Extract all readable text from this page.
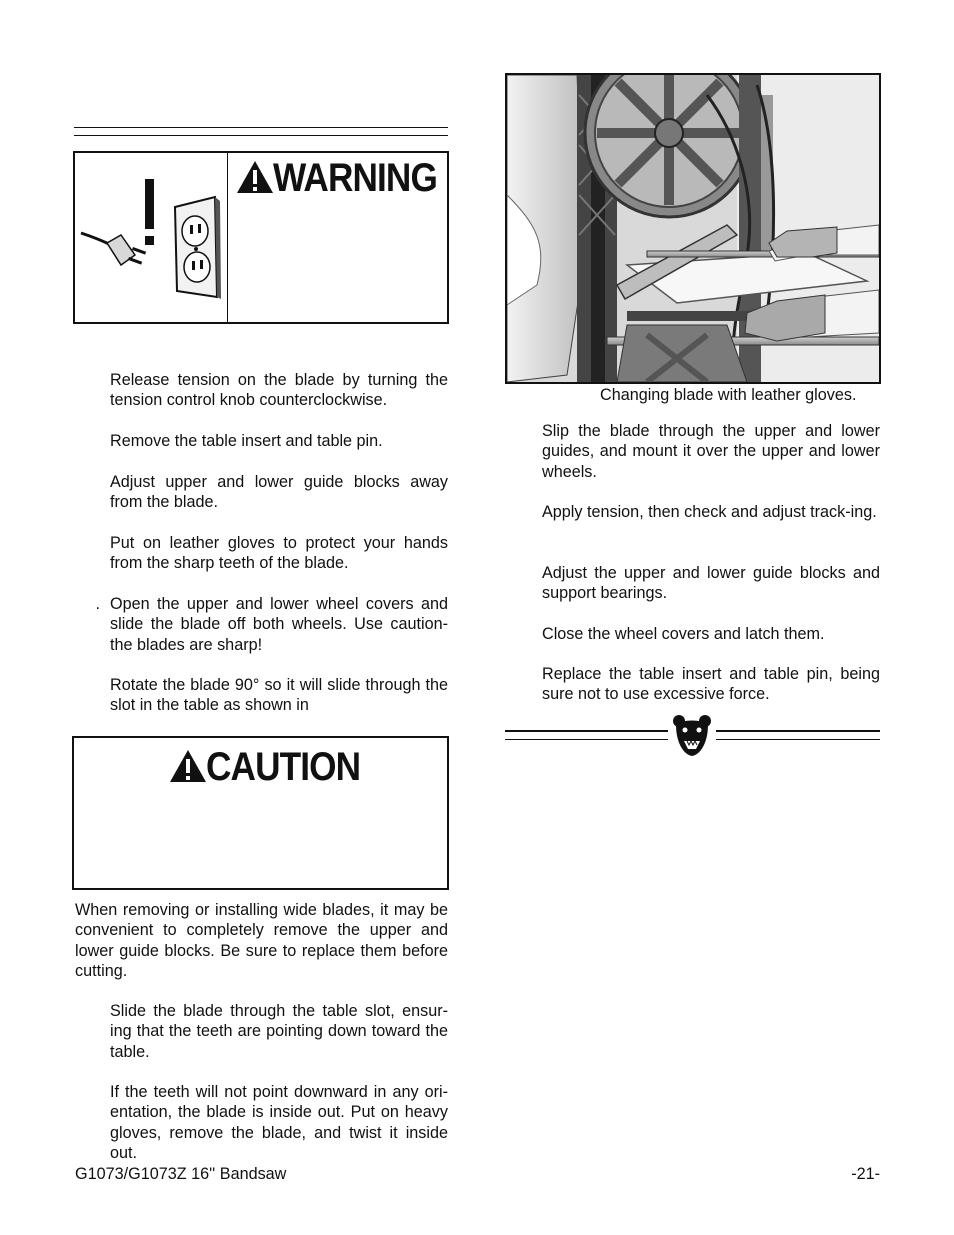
WARNING
Release tension on the blade by turning the tension control knob counterclockwise.
Remove the table insert and table pin.
Adjust upper and lower guide blocks away from the blade.
Put on leather gloves to protect your hands from the sharp teeth of the blade.
. Open the upper and lower wheel covers and slide the blade off both wheels. Use caution-the blades are sharp!
Rotate the blade 90° so it will slide through the slot in the table as shown in
CAUTION
When removing or installing wide blades, it may be convenient to completely remove the upper and lower guide blocks. Be sure to replace them before cutting.
Slide the blade through the table slot, ensur-ing that the teeth are pointing down toward the table.
If the teeth will not point downward in any ori-entation, the blade is inside out. Put on heavy gloves, remove the blade, and twist it inside out.
Changing blade with leather gloves.
Slip the blade through the upper and lower guides, and mount it over the upper and lower wheels.
Apply tension, then check and adjust track-ing.
Adjust the upper and lower guide blocks and support bearings.
Close the wheel covers and latch them.
Replace the table insert and table pin, being sure not to use excessive force.
G1073/G1073Z 16'' Bandsaw	-21-
